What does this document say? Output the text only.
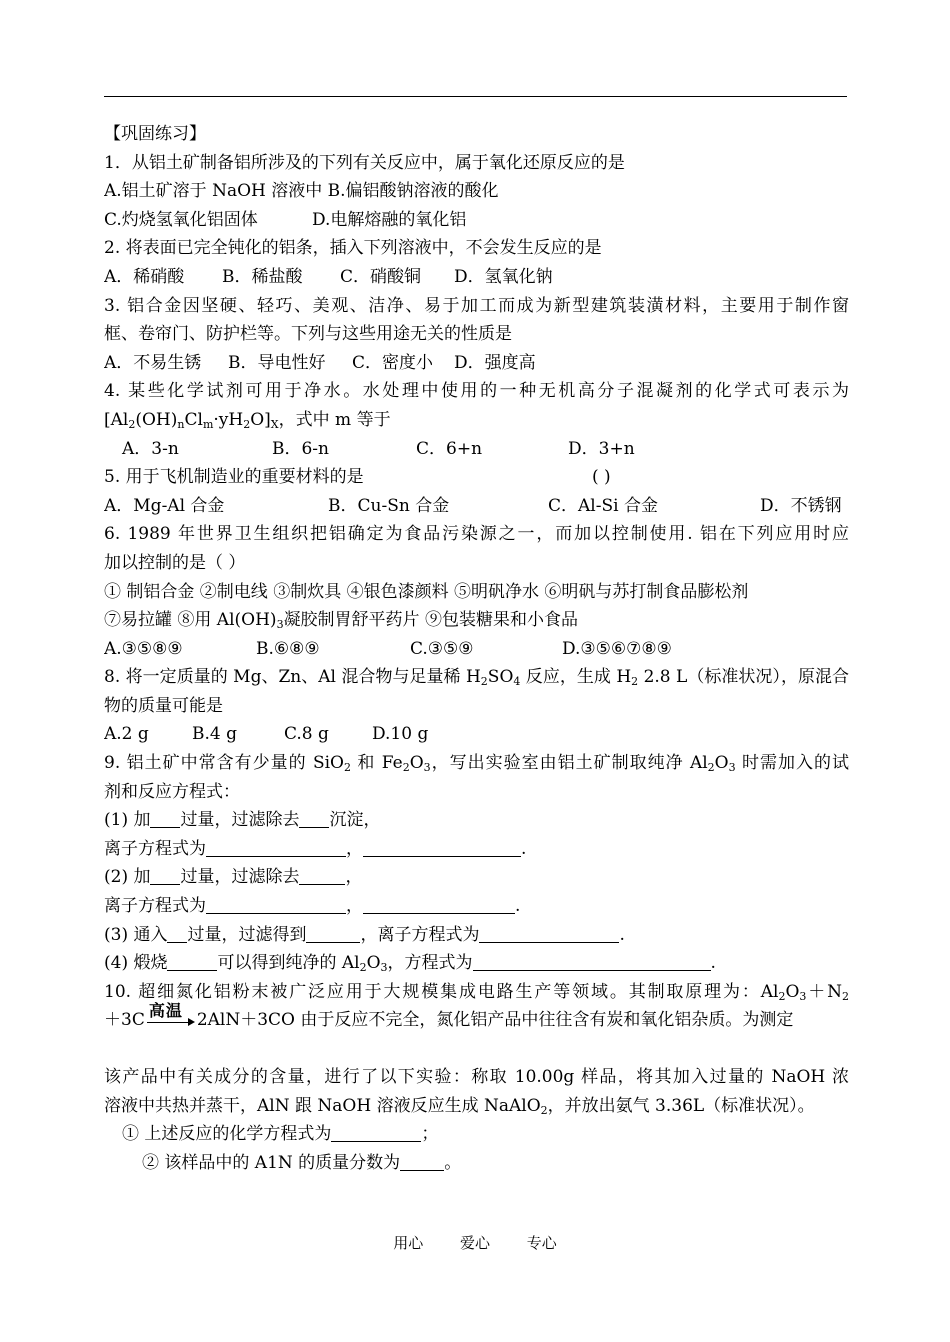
【巩固练习】
1．从铝土矿制备铝所涉及的下列有关反应中，属于氧化还原反应的是
A.铝土矿溶于 NaOH 溶液中 B.偏铝酸钠溶液的酸化
C.灼烧氢氧化铝固体	D.电解熔融的氧化铝
2. 将表面已完全钝化的铝条，插入下列溶液中，不会发生反应的是
A．稀硝酸	B．稀盐酸	C．硝酸铜	D．氢氧化钠
3. 铝合金因坚硬、轻巧、美观、洁净、易于加工而成为新型建筑装潢材料，主要用于制作窗
框、卷帘门、防护栏等。下列与这些用途无关的性质是
A．不易生锈	B．导电性好	C．密度小	D．强度高
4. 某些化学试剂可用于净水。水处理中使用的一种无机高分子混凝剂的化学式可表示为
$[Al_2(OH)_nCl_m\cdot yH_2O]_X$，式中 m 等于
A．3-n	B．6-n	C．6+n	D．3+n
5. 用于飞机制造业的重要材料的是	( )
A．Mg-Al 合金	B．Cu-Sn 合金	C．Al-Si 合金	D．不锈钢
6. 1989 年世界卫生组织把铝确定为食品污染源之一，而加以控制使用. 铝在下列应用时应
加以控制的是（ ）
① 制铝合金 ②制电线 ③制炊具 ④银色漆颜料 ⑤明矾净水 ⑥明矾与苏打制食品膨松剂
⑦易拉罐 ⑧用 $Al(OH)_3$凝胶制胃舒平药片 ⑨包装糖果和小食品
A.③⑤⑧⑨	B.⑥⑧⑨	C.③⑤⑨	D.③⑤⑥⑦⑧⑨
8. 将一定质量的 Mg、Zn、Al 混合物与足量稀 $H_2SO_4$ 反应，生成 $H_2$ 2.8 L（标准状况），原混合
物的质量可能是
A.2 g	B.4 g	C.8 g	D.10 g
9. 铝土矿中常含有少量的 SiO$_2$ 和 $Fe_2O_3$，写出实验室由铝土矿制取纯净 $Al_2O_3$ 时需加入的试
剂和反应方程式：
(1) 加 过量，过滤除去 沉淀，
离子方程式为	，	.
(2) 加 过量，过滤除去	，
离子方程式为	，	.
(3) 通入 过量，过滤得到	，离子方程式为	.
(4) 煅烧	可以得到纯净的 $Al_2O_3$，方程式为	.
10. 超细氮化铝粉末被广泛应用于大规模集成电路生产等领域。其制取原理为：$Al_2O_3+N_2$
＋3C 高温 2AlN＋3CO 由于反应不完全，氮化铝产品中往往含有炭和氧化铝杂质。为测定
该产品中有关成分的含量，进行了以下实验：称取 10.00g 样品，将其加入过量的 NaOH 浓
溶液中共热并蒸干，AlN 跟 NaOH 溶液反应生成 NaAlO$_2$，并放出氨气 3.36L（标准状况）。
① 上述反应的化学方程式为	；
② 该样品中的 A1N 的质量分数为	。
用心 爱心 专心
